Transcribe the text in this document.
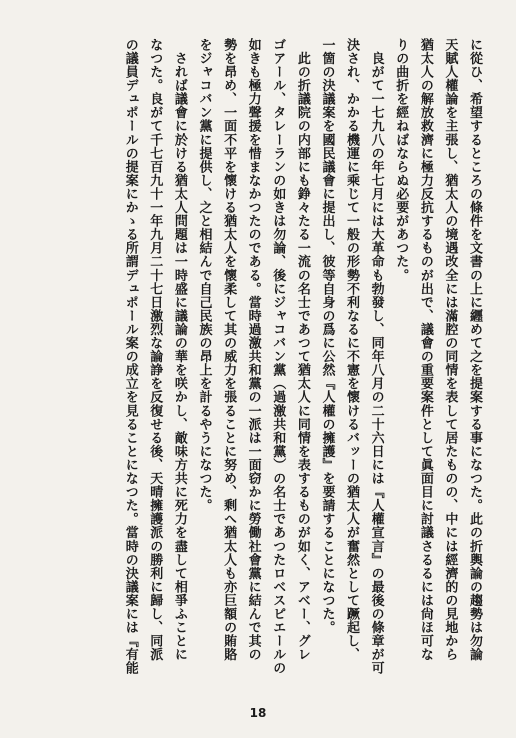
に從ひ、希望するところの條件を文書の上に纒めて之を提案する事になつた。此の折輿論の趨勢は勿論

天賦人權論を主張し、猶太人の境遇改全には滿腔の同情を表して居たものの、中には經濟的の見地から

猶太人の解放救濟に極力反抗するものが出で、議會の重要案件として眞面目に討議さるるには尙ほ可な

りの曲折を經ねばならぬ必要があつた。

　良がて一七九八の年七月には大革命も勃發し、同年八月の二十六日には『人權宣言』の最後の條章が可

決され、かかる機運に乘じて一般の形勢不利なるに不憲を懷けるバッーの猶太人が奮然として蹶起し、

一箇の決議案を國民議會に提出し、彼等自身の爲に公然『人權の擁護』を要請することになつた。

　此の折議院の内部にも錚々たる一流の名士であつて猶太人に同情を表するものが如く、アベー、グレ

ゴアール、タレーランの如きは勿論、後にジャコバン黨（過激共和黨）の名士であつたロベスピエールの

如きも極力聲援を惜まなかつたのである。當時過激共和黨の一派は一面窃かに勞働社會黨に結んで其の

勢を昂め、一面不平を懷ける猶太人を懷柔して其の威力を張ることに努め、剩へ猶太人も亦巨額の賄賂

をジャコバン黨に提供し、之と相結んで自己民族の昂上を計るやうになつた。

　されば議會に於ける猶太人問題は一時盛に議論の華を咲かし、敵味方共に死力を盡して相爭ふことに

なつた。良がて千七百九十一年九月二十七日激烈な論諍を反復せる後、天晴擁護派の勝利に歸し、同派

の議員デュポールの提案にかゝる所謂デュポール案の成立を見ることになつた。當時の決議案には『有能

18
